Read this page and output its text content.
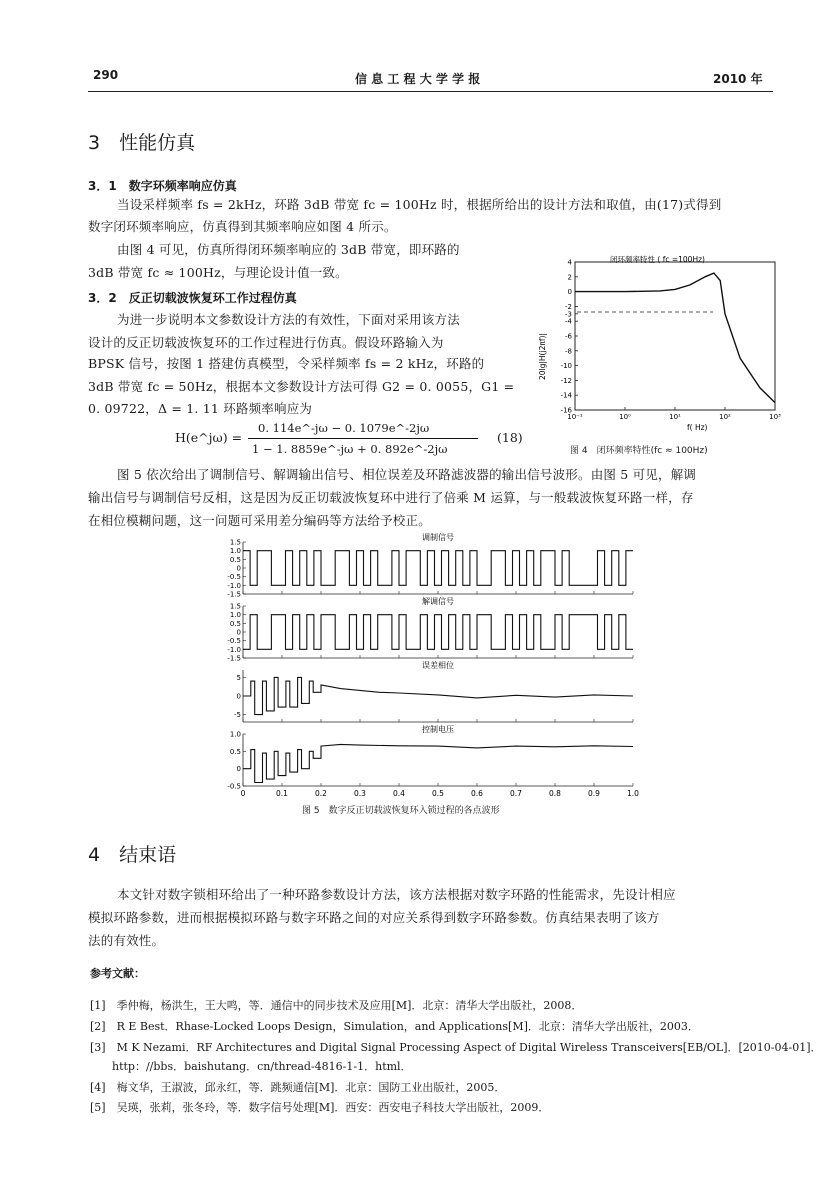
290	信 息 工 程 大 学 学 报	2010 年
3　性能仿真
3．1　数字环频率响应仿真
当设采样频率 fs = 2kHz，环路 3dB 带宽 fc = 100Hz 时，根据所给出的设计方法和取值，由(17)式得到
数字闭环频率响应，仿真得到其频率响应如图 4 所示。
由图 4 可见，仿真所得闭环频率响应的 3dB 带宽，即环路的
3dB 带宽 fc ≈ 100Hz，与理论设计值一致。
3．2　反正切载波恢复环工作过程仿真
为进一步说明本文参数设计方法的有效性，下面对采用该方法
设计的反正切载波恢复环的工作过程进行仿真。假设环路输入为
BPSK 信号，按图 1 搭建仿真模型，令采样频率 fs = 2 kHz，环路的
3dB 带宽 fc = 50Hz，根据本文参数设计方法可得 G2 = 0. 0055，G1 =
0. 09722，Δ = 1. 11 环路频率响应为
H(e^jω) =
0. 114e^-jω − 0. 1079e^-2jω
1 − 1. 8859e^-jω + 0. 892e^-2jω
(18)
闭环频率特性 ( fc =100Hz)
20lg|H(j2πf)|
4
2
0
-2
-3
-4
-6
-8
-10
-12
-14
-16
10⁻¹	10⁰	10¹	10²	10³
f( Hz)
图 4　闭环频率特性(fc ≈ 100Hz)
图 5 依次给出了调制信号、解调输出信号、相位误差及环路滤波器的输出信号波形。由图 5 可见，解调
输出信号与调制信号反相，这是因为反正切载波恢复环中进行了倍乘 M 运算，与一般载波恢复环路一样，存
在相位模糊问题，这一问题可采用差分编码等方法给予校正。
调制信号
1.5
1.0
0.5
0
-0.5
-1.0
-1.5
解调信号
1.5
1.0
0.5
0
-0.5
-1.0
-1.5
误差相位
5
0
-5
控制电压
1.0
0.5
0
-0.5
0	0.1	0.2	0.3	0.4	0.5	0.6	0.7	0.8	0.9	1.0
图 5　数字反正切载波恢复环入锁过程的各点波形
4　结束语
本文针对数字锁相环给出了一种环路参数设计方法，该方法根据对数字环路的性能需求，先设计相应
模拟环路参数，进而根据模拟环路与数字环路之间的对应关系得到数字环路参数。仿真结果表明了该方
法的有效性。
参考文献：
[1]　季仲梅，杨洪生，王大鸣，等．通信中的同步技术及应用[M]．北京：清华大学出版社，2008．
[2]　R E Best．Rhase-Locked Loops Design，Simulation，and Applications[M]．北京：清华大学出版社，2003．
[3]　M K Nezami．RF Architectures and Digital Signal Processing Aspect of Digital Wireless Transceivers[EB/OL]．[2010-04-01]．
http：//bbs．baishutang．cn/thread-4816-1-1．html．
[4]　梅文华，王淑波，邱永红，等．跳频通信[M]．北京：国防工业出版社，2005．
[5]　吴瑛，张莉，张冬玲，等．数字信号处理[M]．西安：西安电子科技大学出版社，2009．
